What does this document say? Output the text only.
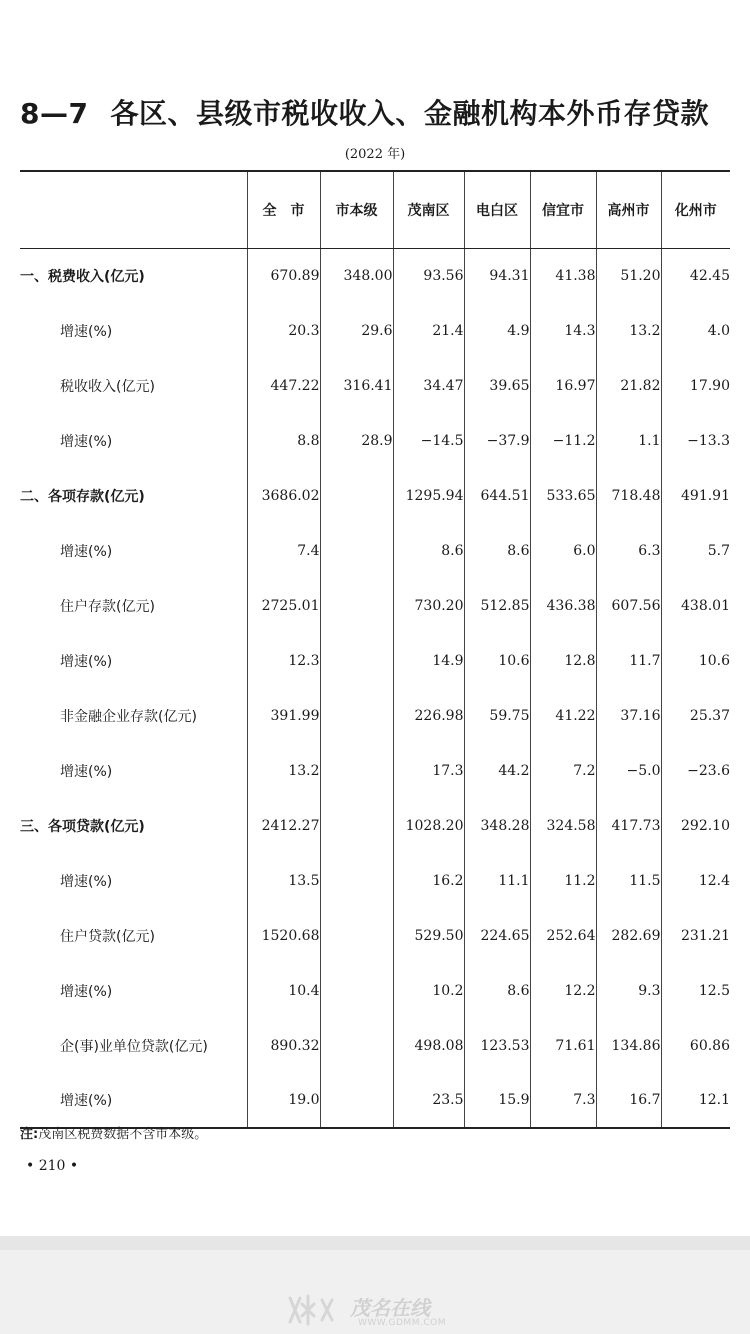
8—7 各区、县级市税收收入、金融机构本外币存贷款
(2022 年)
	全　市	市本级	茂南区	电白区	信宜市	高州市	化州市
一、税费收入(亿元)	670.89	348.00	93.56	94.31	41.38	51.20	42.45
增速(%)	20.3	29.6	21.4	4.9	14.3	13.2	4.0
税收收入(亿元)	447.22	316.41	34.47	39.65	16.97	21.82	17.90
增速(%)	8.8	28.9	−14.5	−37.9	−11.2	1.1	−13.3
二、各项存款(亿元)	3686.02		1295.94	644.51	533.65	718.48	491.91
增速(%)	7.4		8.6	8.6	6.0	6.3	5.7
住户存款(亿元)	2725.01		730.20	512.85	436.38	607.56	438.01
增速(%)	12.3		14.9	10.6	12.8	11.7	10.6
非金融企业存款(亿元)	391.99		226.98	59.75	41.22	37.16	25.37
增速(%)	13.2		17.3	44.2	7.2	−5.0	−23.6
三、各项贷款(亿元)	2412.27		1028.20	348.28	324.58	417.73	292.10
增速(%)	13.5		16.2	11.1	11.2	11.5	12.4
住户贷款(亿元)	1520.68		529.50	224.65	252.64	282.69	231.21
增速(%)	10.4		10.2	8.6	12.2	9.3	12.5
企(事)业单位贷款(亿元)	890.32		498.08	123.53	71.61	134.86	60.86
增速(%)	19.0		23.5	15.9	7.3	16.7	12.1
注:茂南区税费数据不含市本级。
• 210 •
茂名在线
WWW.GDMM.COM
